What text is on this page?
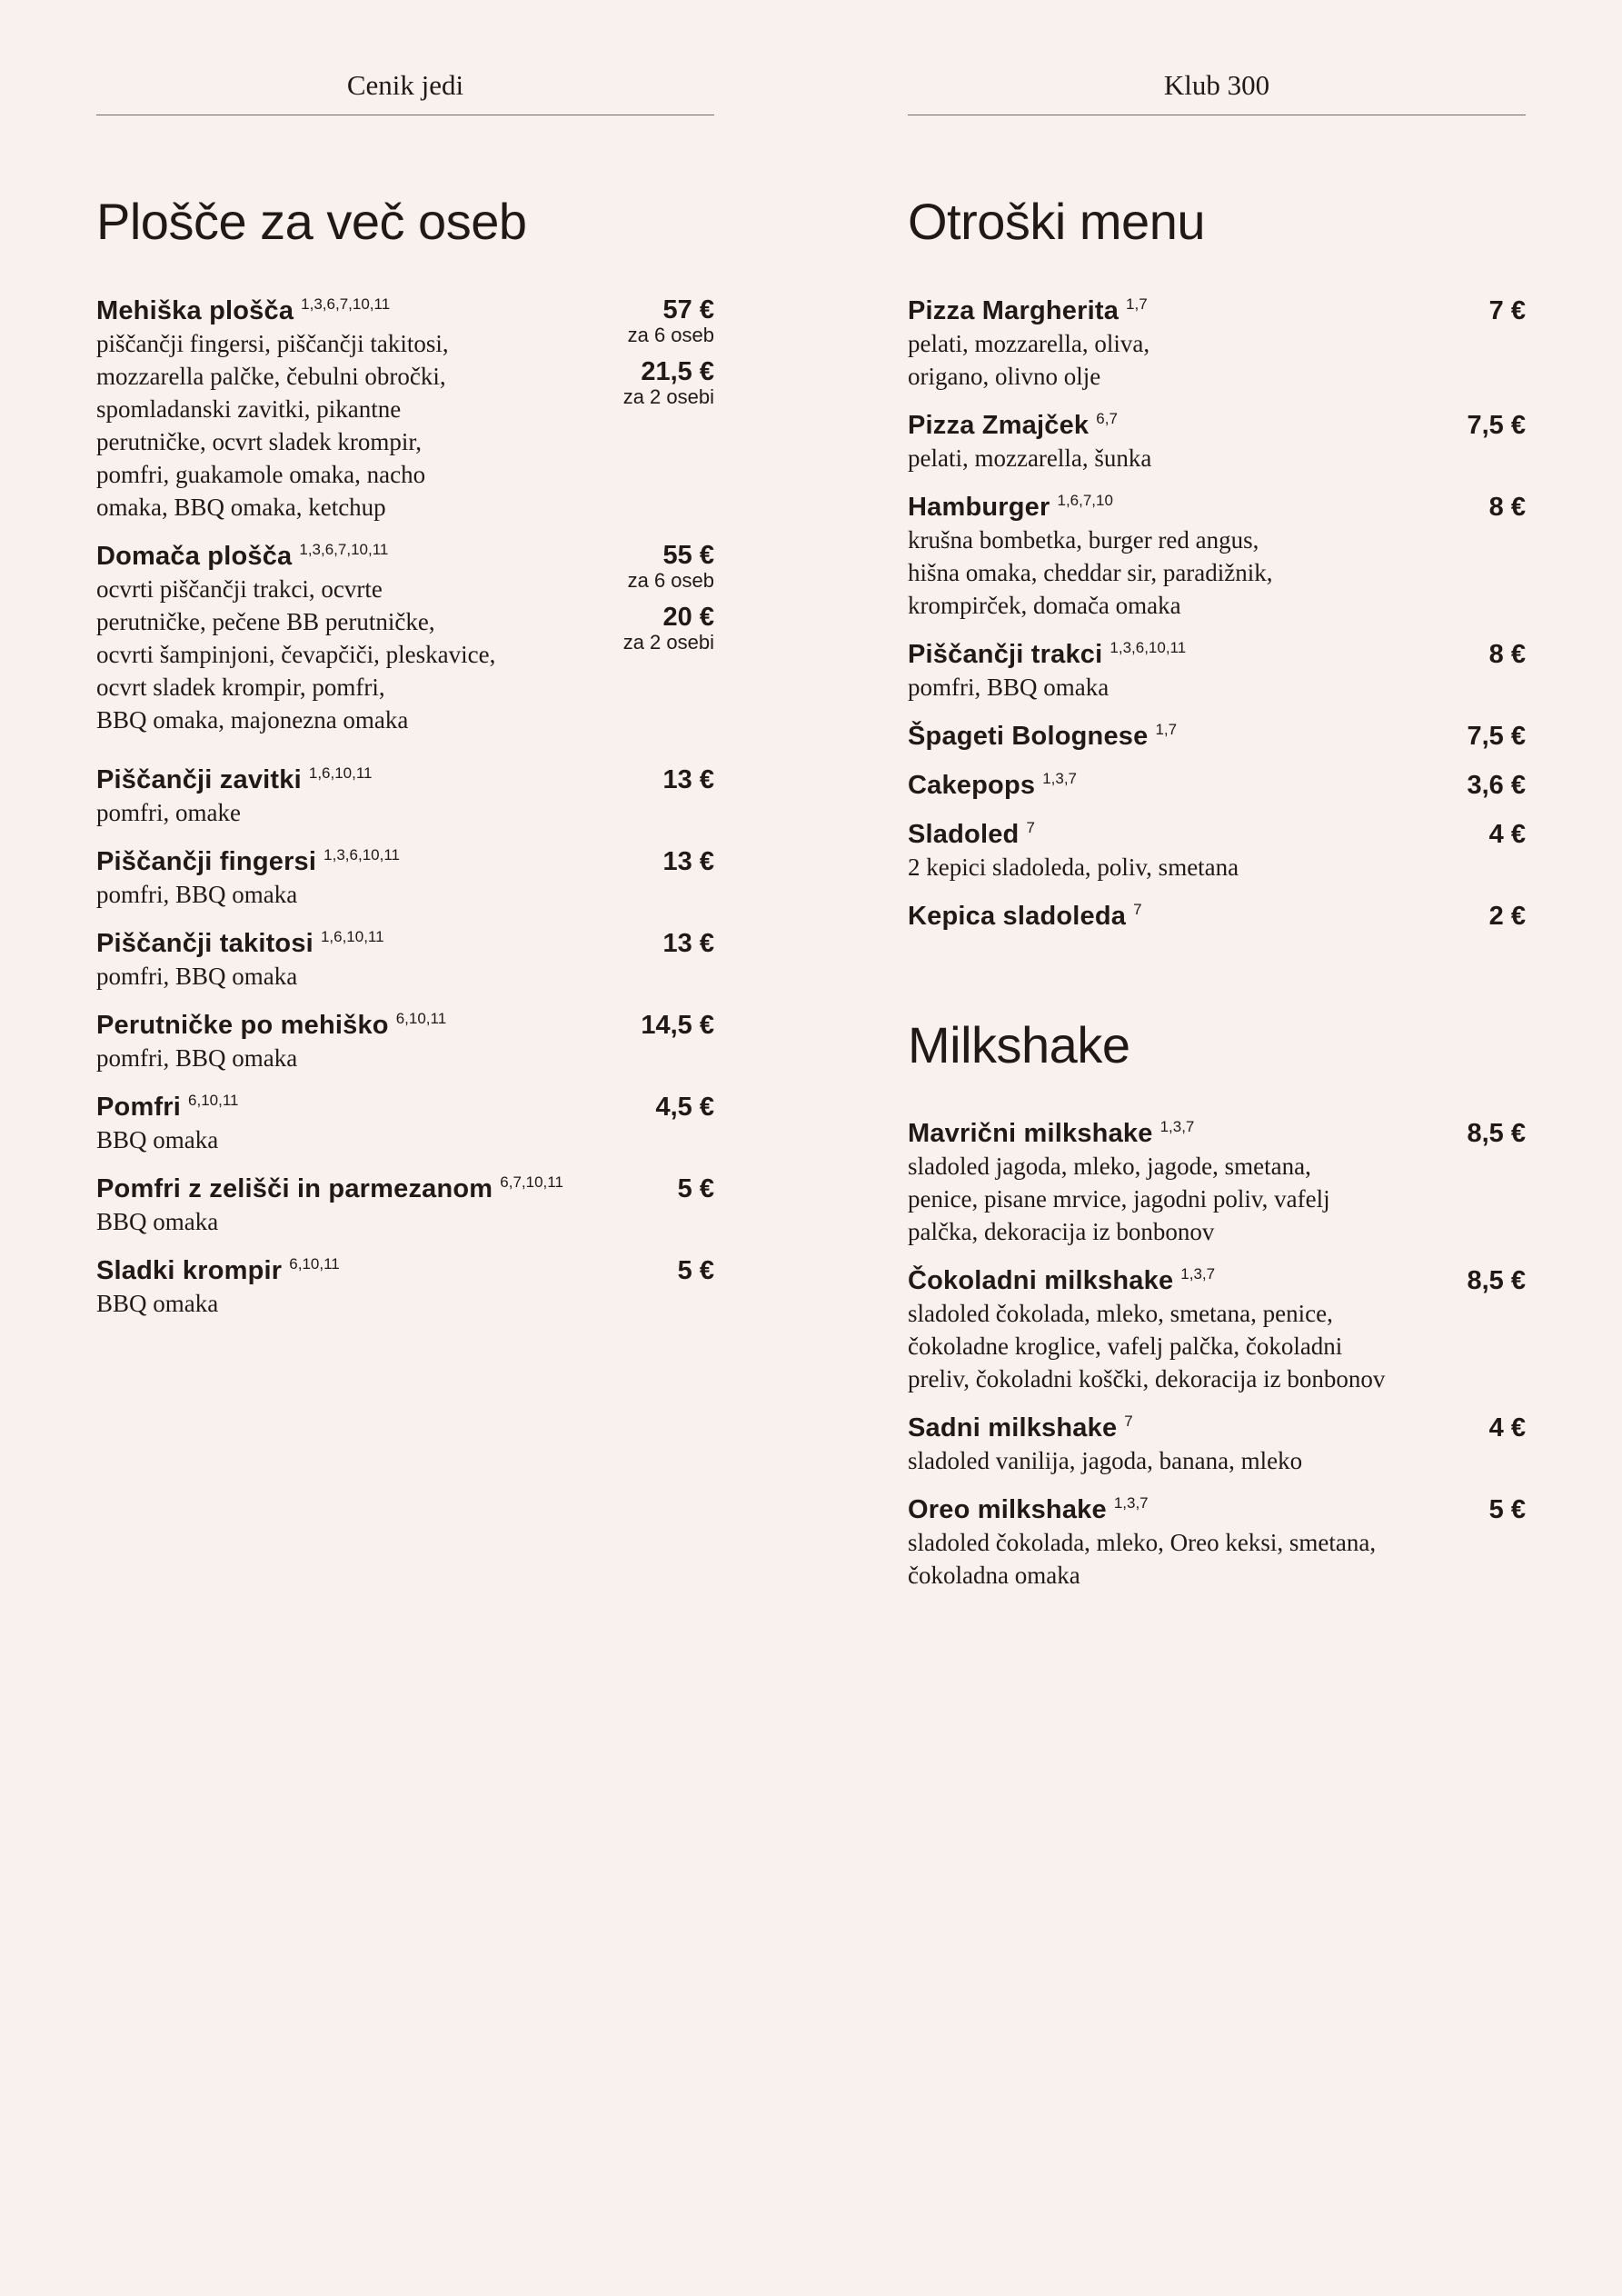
Cenik jedi
Plošče za več oseb
Mehiška plošča 1,3,6,7,10,11	57 €
za 6 oseb
21,5 €
za 2 osebi
piščančji fingersi, piščančji takitosi,
mozzarella palčke, čebulni obročki,
spomladanski zavitki, pikantne
perutničke, ocvrt sladek krompir,
pomfri, guakamole omaka, nacho
omaka, BBQ omaka, ketchup
Domača plošča 1,3,6,7,10,11	55 €
za 6 oseb
20 €
za 2 osebi
ocvrti piščančji trakci, ocvrte
perutničke, pečene BB perutničke,
ocvrti šampinjoni, čevapčiči, pleskavice,
ocvrt sladek krompir, pomfri,
BBQ omaka, majonezna omaka
Piščančji zavitki 1,6,10,11	13 €
pomfri, omake
Piščančji fingersi 1,3,6,10,11	13 €
pomfri, BBQ omaka
Piščančji takitosi 1,6,10,11	13 €
pomfri, BBQ omaka
Perutničke po mehiško 6,10,11	14,5 €
pomfri, BBQ omaka
Pomfri 6,10,11	4,5 €
BBQ omaka
Pomfri z zelišči in parmezanom 6,7,10,11	5 €
BBQ omaka
Sladki krompir 6,10,11	5 €
BBQ omaka
Klub 300
Otroški menu
Pizza Margherita 1,7	7 €
pelati, mozzarella, oliva,
origano, olivno olje
Pizza Zmajček 6,7	7,5 €
pelati, mozzarella, šunka
Hamburger 1,6,7,10	8 €
krušna bombetka, burger red angus,
hišna omaka, cheddar sir, paradižnik,
krompirček, domača omaka
Piščančji trakci 1,3,6,10,11	8 €
pomfri, BBQ omaka
Špageti Bolognese 1,7	7,5 €
Cakepops 1,3,7	3,6 €
Sladoled 7	4 €
2 kepici sladoleda, poliv, smetana
Kepica sladoleda 7	2 €
Milkshake
Mavrični milkshake 1,3,7	8,5 €
sladoled jagoda, mleko, jagode, smetana,
penice, pisane mrvice, jagodni poliv, vafelj
palčka, dekoracija iz bonbonov
Čokoladni milkshake 1,3,7	8,5 €
sladoled čokolada, mleko, smetana, penice,
čokoladne kroglice, vafelj palčka, čokoladni
preliv, čokoladni koščki, dekoracija iz bonbonov
Sadni milkshake 7	4 €
sladoled vanilija, jagoda, banana, mleko
Oreo milkshake 1,3,7	5 €
sladoled čokolada, mleko, Oreo keksi, smetana,
čokoladna omaka
